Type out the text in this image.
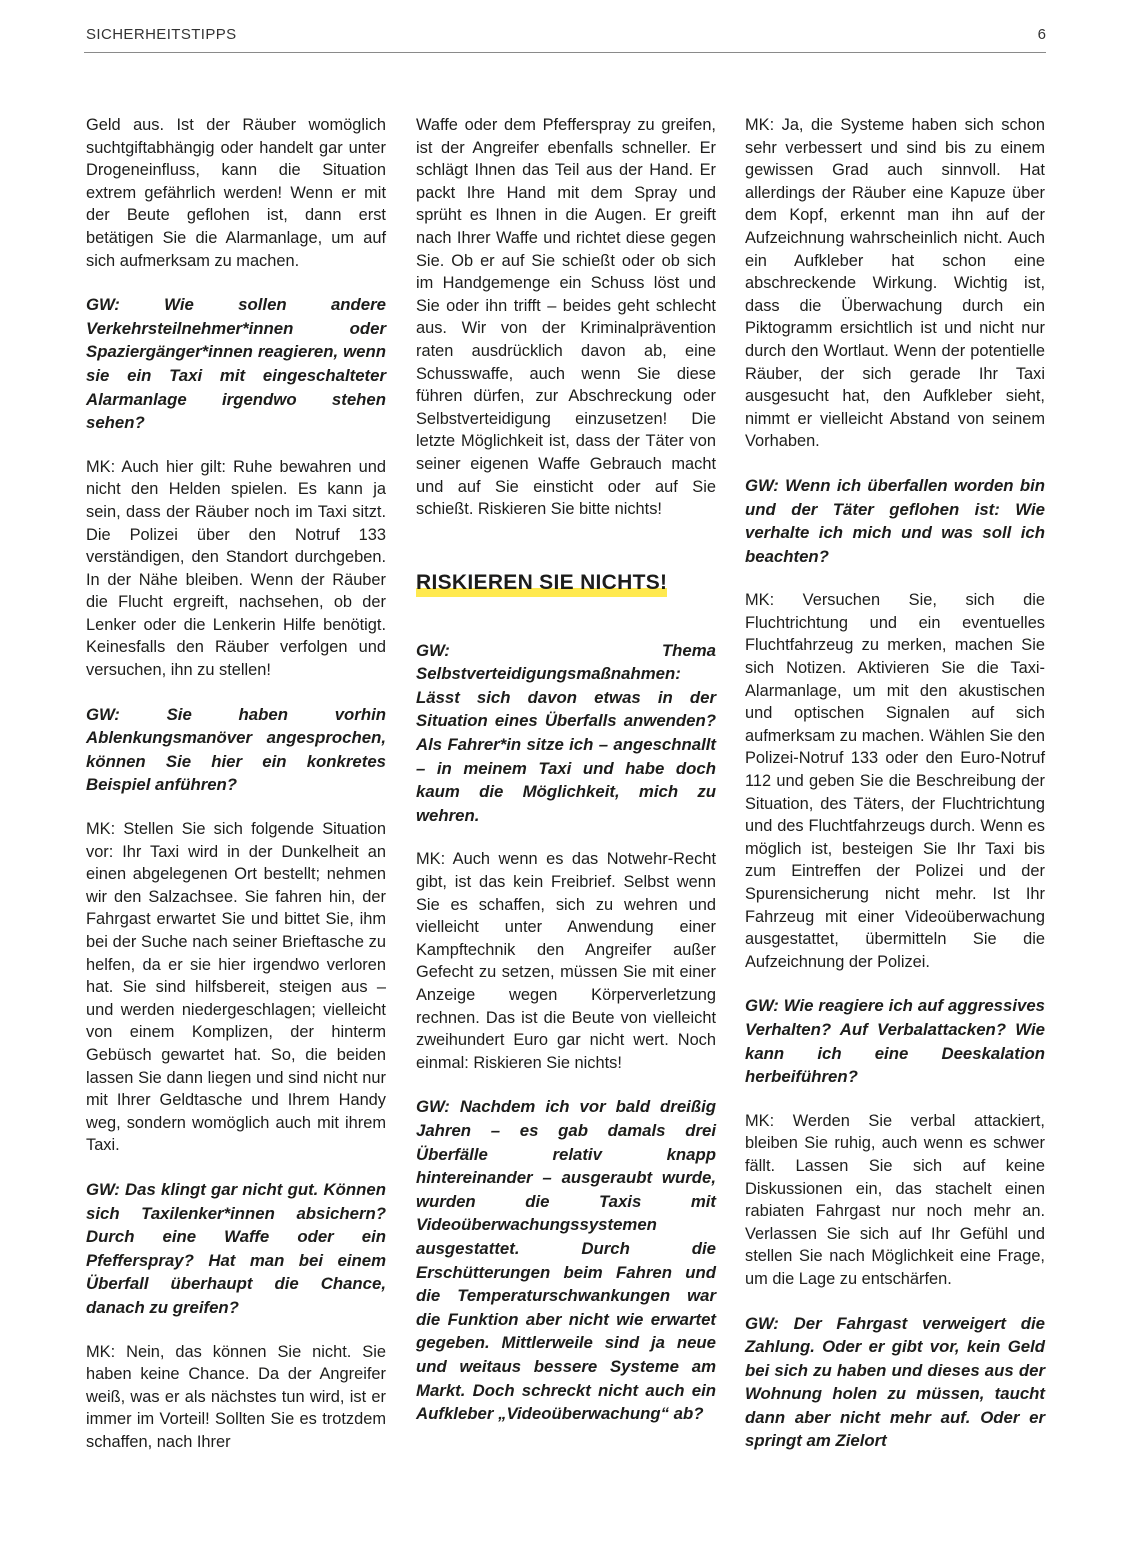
SICHERHEITSTIPPS	6

Geld aus. Ist der Räuber womöglich suchtgiftabhängig oder handelt gar unter Drogeneinfluss, kann die Situation extrem gefährlich werden! Wenn er mit der Beute geflohen ist, dann erst betätigen Sie die Alarmanlage, um auf sich aufmerksam zu machen.

GW: Wie sollen andere Verkehrsteilnehmer*innen oder Spaziergänger*innen reagieren, wenn sie ein Taxi mit eingeschalteter Alarmanlage irgendwo stehen sehen?

MK: Auch hier gilt: Ruhe bewahren und nicht den Helden spielen. Es kann ja sein, dass der Räuber noch im Taxi sitzt. Die Polizei über den Notruf 133 verständigen, den Standort durchgeben. In der Nähe bleiben. Wenn der Räuber die Flucht ergreift, nachsehen, ob der Lenker oder die Lenkerin Hilfe benötigt. Keinesfalls den Räuber verfolgen und versuchen, ihn zu stellen!

GW: Sie haben vorhin Ablenkungsmanöver angesprochen, können Sie hier ein konkretes Beispiel anführen?

MK: Stellen Sie sich folgende Situation vor: Ihr Taxi wird in der Dunkelheit an einen abgelegenen Ort bestellt; nehmen wir den Salzachsee. Sie fahren hin, der Fahrgast erwartet Sie und bittet Sie, ihm bei der Suche nach seiner Brieftasche zu helfen, da er sie hier irgendwo verloren hat. Sie sind hilfsbereit, steigen aus – und werden niedergeschlagen; vielleicht von einem Komplizen, der hinterm Gebüsch gewartet hat. So, die beiden lassen Sie dann liegen und sind nicht nur mit Ihrer Geldtasche und Ihrem Handy weg, sondern womöglich auch mit ihrem Taxi.

GW: Das klingt gar nicht gut. Können sich Taxilenker*innen absichern? Durch eine Waffe oder ein Pfefferspray? Hat man bei einem Überfall überhaupt die Chance, danach zu greifen?

MK: Nein, das können Sie nicht. Sie haben keine Chance. Da der Angreifer weiß, was er als nächstes tun wird, ist er immer im Vorteil! Sollten Sie es trotzdem schaffen, nach Ihrer

Waffe oder dem Pfefferspray zu greifen, ist der Angreifer ebenfalls schneller. Er schlägt Ihnen das Teil aus der Hand. Er packt Ihre Hand mit dem Spray und sprüht es Ihnen in die Augen. Er greift nach Ihrer Waffe und richtet diese gegen Sie. Ob er auf Sie schießt oder ob sich im Handgemenge ein Schuss löst und Sie oder ihn trifft – beides geht schlecht aus. Wir von der Kriminalprävention raten ausdrücklich davon ab, eine Schusswaffe, auch wenn Sie diese führen dürfen, zur Abschreckung oder Selbstverteidigung einzusetzen! Die letzte Möglichkeit ist, dass der Täter von seiner eigenen Waffe Gebrauch macht und auf Sie einsticht oder auf Sie schießt. Riskieren Sie bitte nichts!

RISKIEREN SIE NICHTS!

GW: Thema Selbstverteidigungsmaßnahmen: Lässt sich davon etwas in der Situation eines Überfalls anwenden? Als Fahrer*in sitze ich – angeschnallt – in meinem Taxi und habe doch kaum die Möglichkeit, mich zu wehren.

MK: Auch wenn es das Notwehr-Recht gibt, ist das kein Freibrief. Selbst wenn Sie es schaffen, sich zu wehren und vielleicht unter Anwendung einer Kampftechnik den Angreifer außer Gefecht zu setzen, müssen Sie mit einer Anzeige wegen Körperverletzung rechnen. Das ist die Beute von vielleicht zweihundert Euro gar nicht wert. Noch einmal: Riskieren Sie nichts!

GW: Nachdem ich vor bald dreißig Jahren – es gab damals drei Überfälle relativ knapp hintereinander – ausgeraubt wurde, wurden die Taxis mit Videoüberwachungssystemen ausgestattet. Durch die Erschütterungen beim Fahren und die Temperaturschwankungen war die Funktion aber nicht wie erwartet gegeben. Mittlerweile sind ja neue und weitaus bessere Systeme am Markt. Doch schreckt nicht auch ein Aufkleber „Videoüberwachung“ ab?

MK: Ja, die Systeme haben sich schon sehr verbessert und sind bis zu einem gewissen Grad auch sinnvoll. Hat allerdings der Räuber eine Kapuze über dem Kopf, erkennt man ihn auf der Aufzeichnung wahrscheinlich nicht. Auch ein Aufkleber hat schon eine abschreckende Wirkung. Wichtig ist, dass die Überwachung durch ein Piktogramm ersichtlich ist und nicht nur durch den Wortlaut. Wenn der potentielle Räuber, der sich gerade Ihr Taxi ausgesucht hat, den Aufkleber sieht, nimmt er vielleicht Abstand von seinem Vorhaben.

GW: Wenn ich überfallen worden bin und der Täter geflohen ist: Wie verhalte ich mich und was soll ich beachten?

MK: Versuchen Sie, sich die Fluchtrichtung und ein eventuelles Fluchtfahrzeug zu merken, machen Sie sich Notizen. Aktivieren Sie die Taxi-Alarmanlage, um mit den akustischen und optischen Signalen auf sich aufmerksam zu machen. Wählen Sie den Polizei-Notruf 133 oder den Euro-Notruf 112 und geben Sie die Beschreibung der Situation, des Täters, der Fluchtrichtung und des Fluchtfahrzeugs durch. Wenn es möglich ist, besteigen Sie Ihr Taxi bis zum Eintreffen der Polizei und der Spurensicherung nicht mehr. Ist Ihr Fahrzeug mit einer Videoüberwachung ausgestattet, übermitteln Sie die Aufzeichnung der Polizei.

GW: Wie reagiere ich auf aggressives Verhalten? Auf Verbalattacken? Wie kann ich eine Deeskalation herbeiführen?

MK: Werden Sie verbal attackiert, bleiben Sie ruhig, auch wenn es schwer fällt. Lassen Sie sich auf keine Diskussionen ein, das stachelt einen rabiaten Fahrgast nur noch mehr an. Verlassen Sie sich auf Ihr Gefühl und stellen Sie nach Möglichkeit eine Frage, um die Lage zu entschärfen.

GW: Der Fahrgast verweigert die Zahlung. Oder er gibt vor, kein Geld bei sich zu haben und dieses aus der Wohnung holen zu müssen, taucht dann aber nicht mehr auf. Oder er springt am Zielort
